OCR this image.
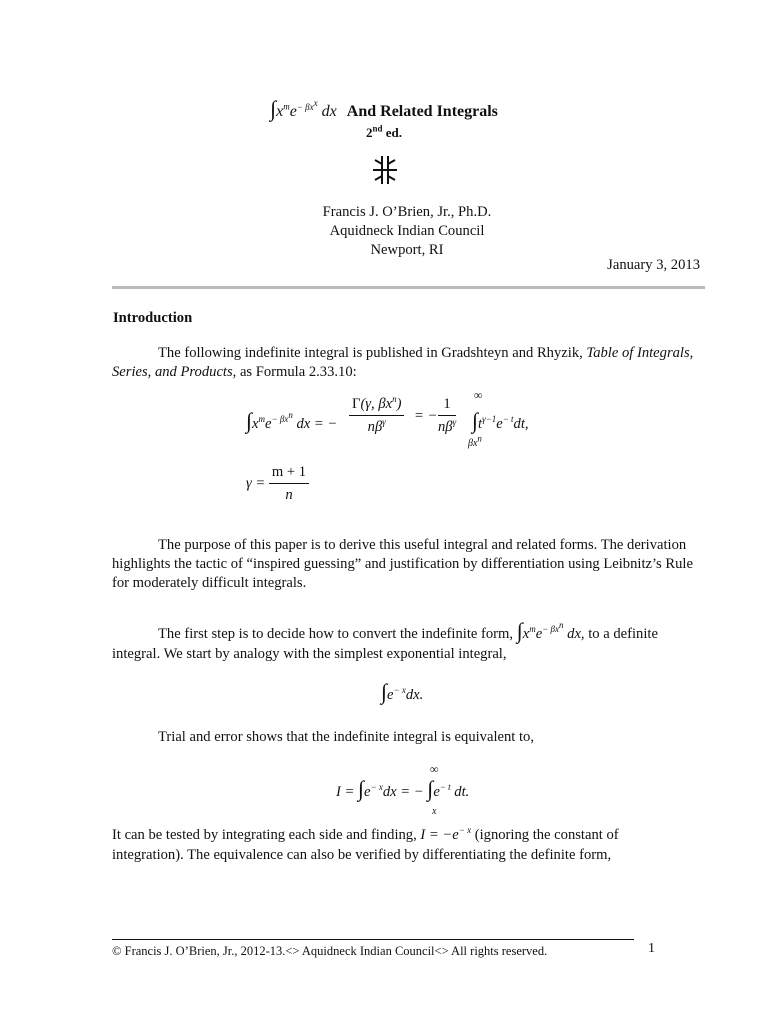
$\int x^me^{- \beta x^x}$ dx And Related Integrals
2nd ed.
Francis J. O’Brien, Jr., Ph.D.
Aquidneck Indian Council
Newport, RI
January 3, 2013
Introduction

The following indefinite integral is published in Gradshteyn and Rhyzik, Table of Integrals, Series, and Products, as Formula 2.33.10:

$\int x^me^{- \beta x^n}$ dx = − $\frac{\Gamma(\gamma, \beta x^n)}{n\beta^\gamma}$ = − $\frac{1}{n\beta^\gamma}$
∞
$\int t^{\gamma-1}e^{- t}dt$,
$\beta x^n$
$\gamma = \frac{m + 1}{n}$

The purpose of this paper is to derive this useful integral and related forms. The derivation highlights the tactic of “inspired guessing” and justification by differentiation using Leibnitz’s Rule for moderately difficult integrals.

The first step is to decide how to convert the indefinite form, $\int x^me^{- \beta x^n}$ dx, to a definite
integral. We start by analogy with the simplest exponential integral,
$\int e^{- x}dx$.
Trial and error shows that the indefinite integral is equivalent to,
∞
$I = \int e^{- x}dx$ = − $\int e^{- t}$ dt.
x
It can be tested by integrating each side and finding, $I = -e^{- x}$ (ignoring the constant of
integration). The equivalence can also be verified by differentiating the definite form,
© Francis J. O’Brien, Jr., 2012-13.<> Aquidneck Indian Council<> All rights reserved.	1
